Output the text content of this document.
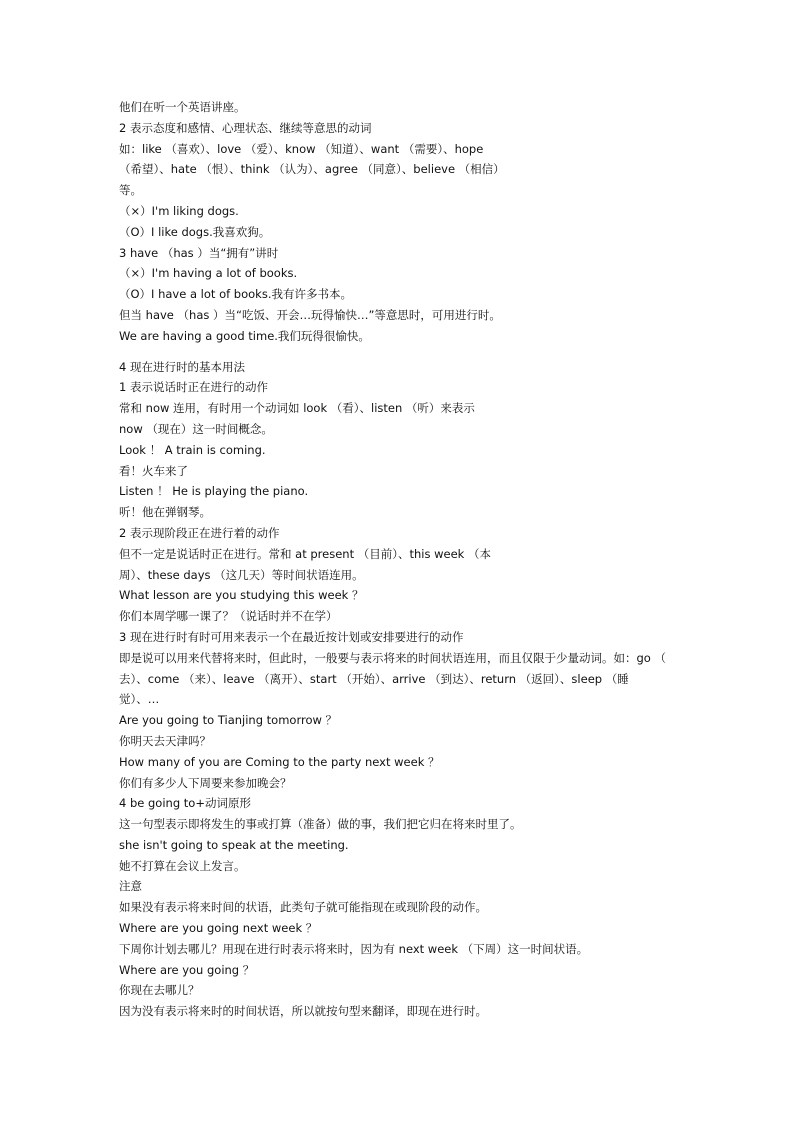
他们在听一个英语讲座。
2 表示态度和感情、心理状态、继续等意思的动词
如：like （喜欢）、love （爱）、know （知道）、want （需要）、hope
（希望）、hate （恨）、think （认为）、agree （同意）、believe （相信）
等。
（×）I'm liking dogs.
（O）I like dogs.我喜欢狗。
3 have （has ）当“拥有”讲时
（×）I'm having a lot of books.
（O）I have a lot of books.我有许多书本。
但当 have （has ）当“吃饭、开会…玩得愉快…”等意思时，可用进行时。
We are having a good time.我们玩得很愉快。
4 现在进行时的基本用法
1 表示说话时正在进行的动作
常和 now 连用，有时用一个动词如 look （看）、listen （听）来表示
now （现在）这一时间概念。
Look ！ A train is coming.
看！火车来了
Listen ！ He is playing the piano.
听！他在弹钢琴。
2 表示现阶段正在进行着的动作
但不一定是说话时正在进行。常和 at present （目前）、this week （本
周）、these days （这几天）等时间状语连用。
What lesson are you studying this week ？
你们本周学哪一课了？（说话时并不在学）
3 现在进行时有时可用来表示一个在最近按计划或安排要进行的动作
即是说可以用来代替将来时，但此时，一般要与表示将来的时间状语连用，而且仅限于少量动词。如：go （
去）、come （来）、leave （离开）、start （开始）、arrive （到达）、return （返回）、sleep （睡
觉）、…
Are you going to Tianjing tomorrow ？
你明天去天津吗？
How many of you are Coming to the party next week ？
你们有多少人下周要来参加晚会？
4 be going to+动词原形
这一句型表示即将发生的事或打算（准备）做的事，我们把它归在将来时里了。
she isn't going to speak at the meeting.
她不打算在会议上发言。
注意
如果没有表示将来时间的状语，此类句子就可能指现在或现阶段的动作。
Where are you going next week ？
下周你计划去哪儿？用现在进行时表示将来时，因为有 next week （下周）这一时间状语。
Where are you going ？
你现在去哪儿？
因为没有表示将来时的时间状语，所以就按句型来翻译，即现在进行时。
